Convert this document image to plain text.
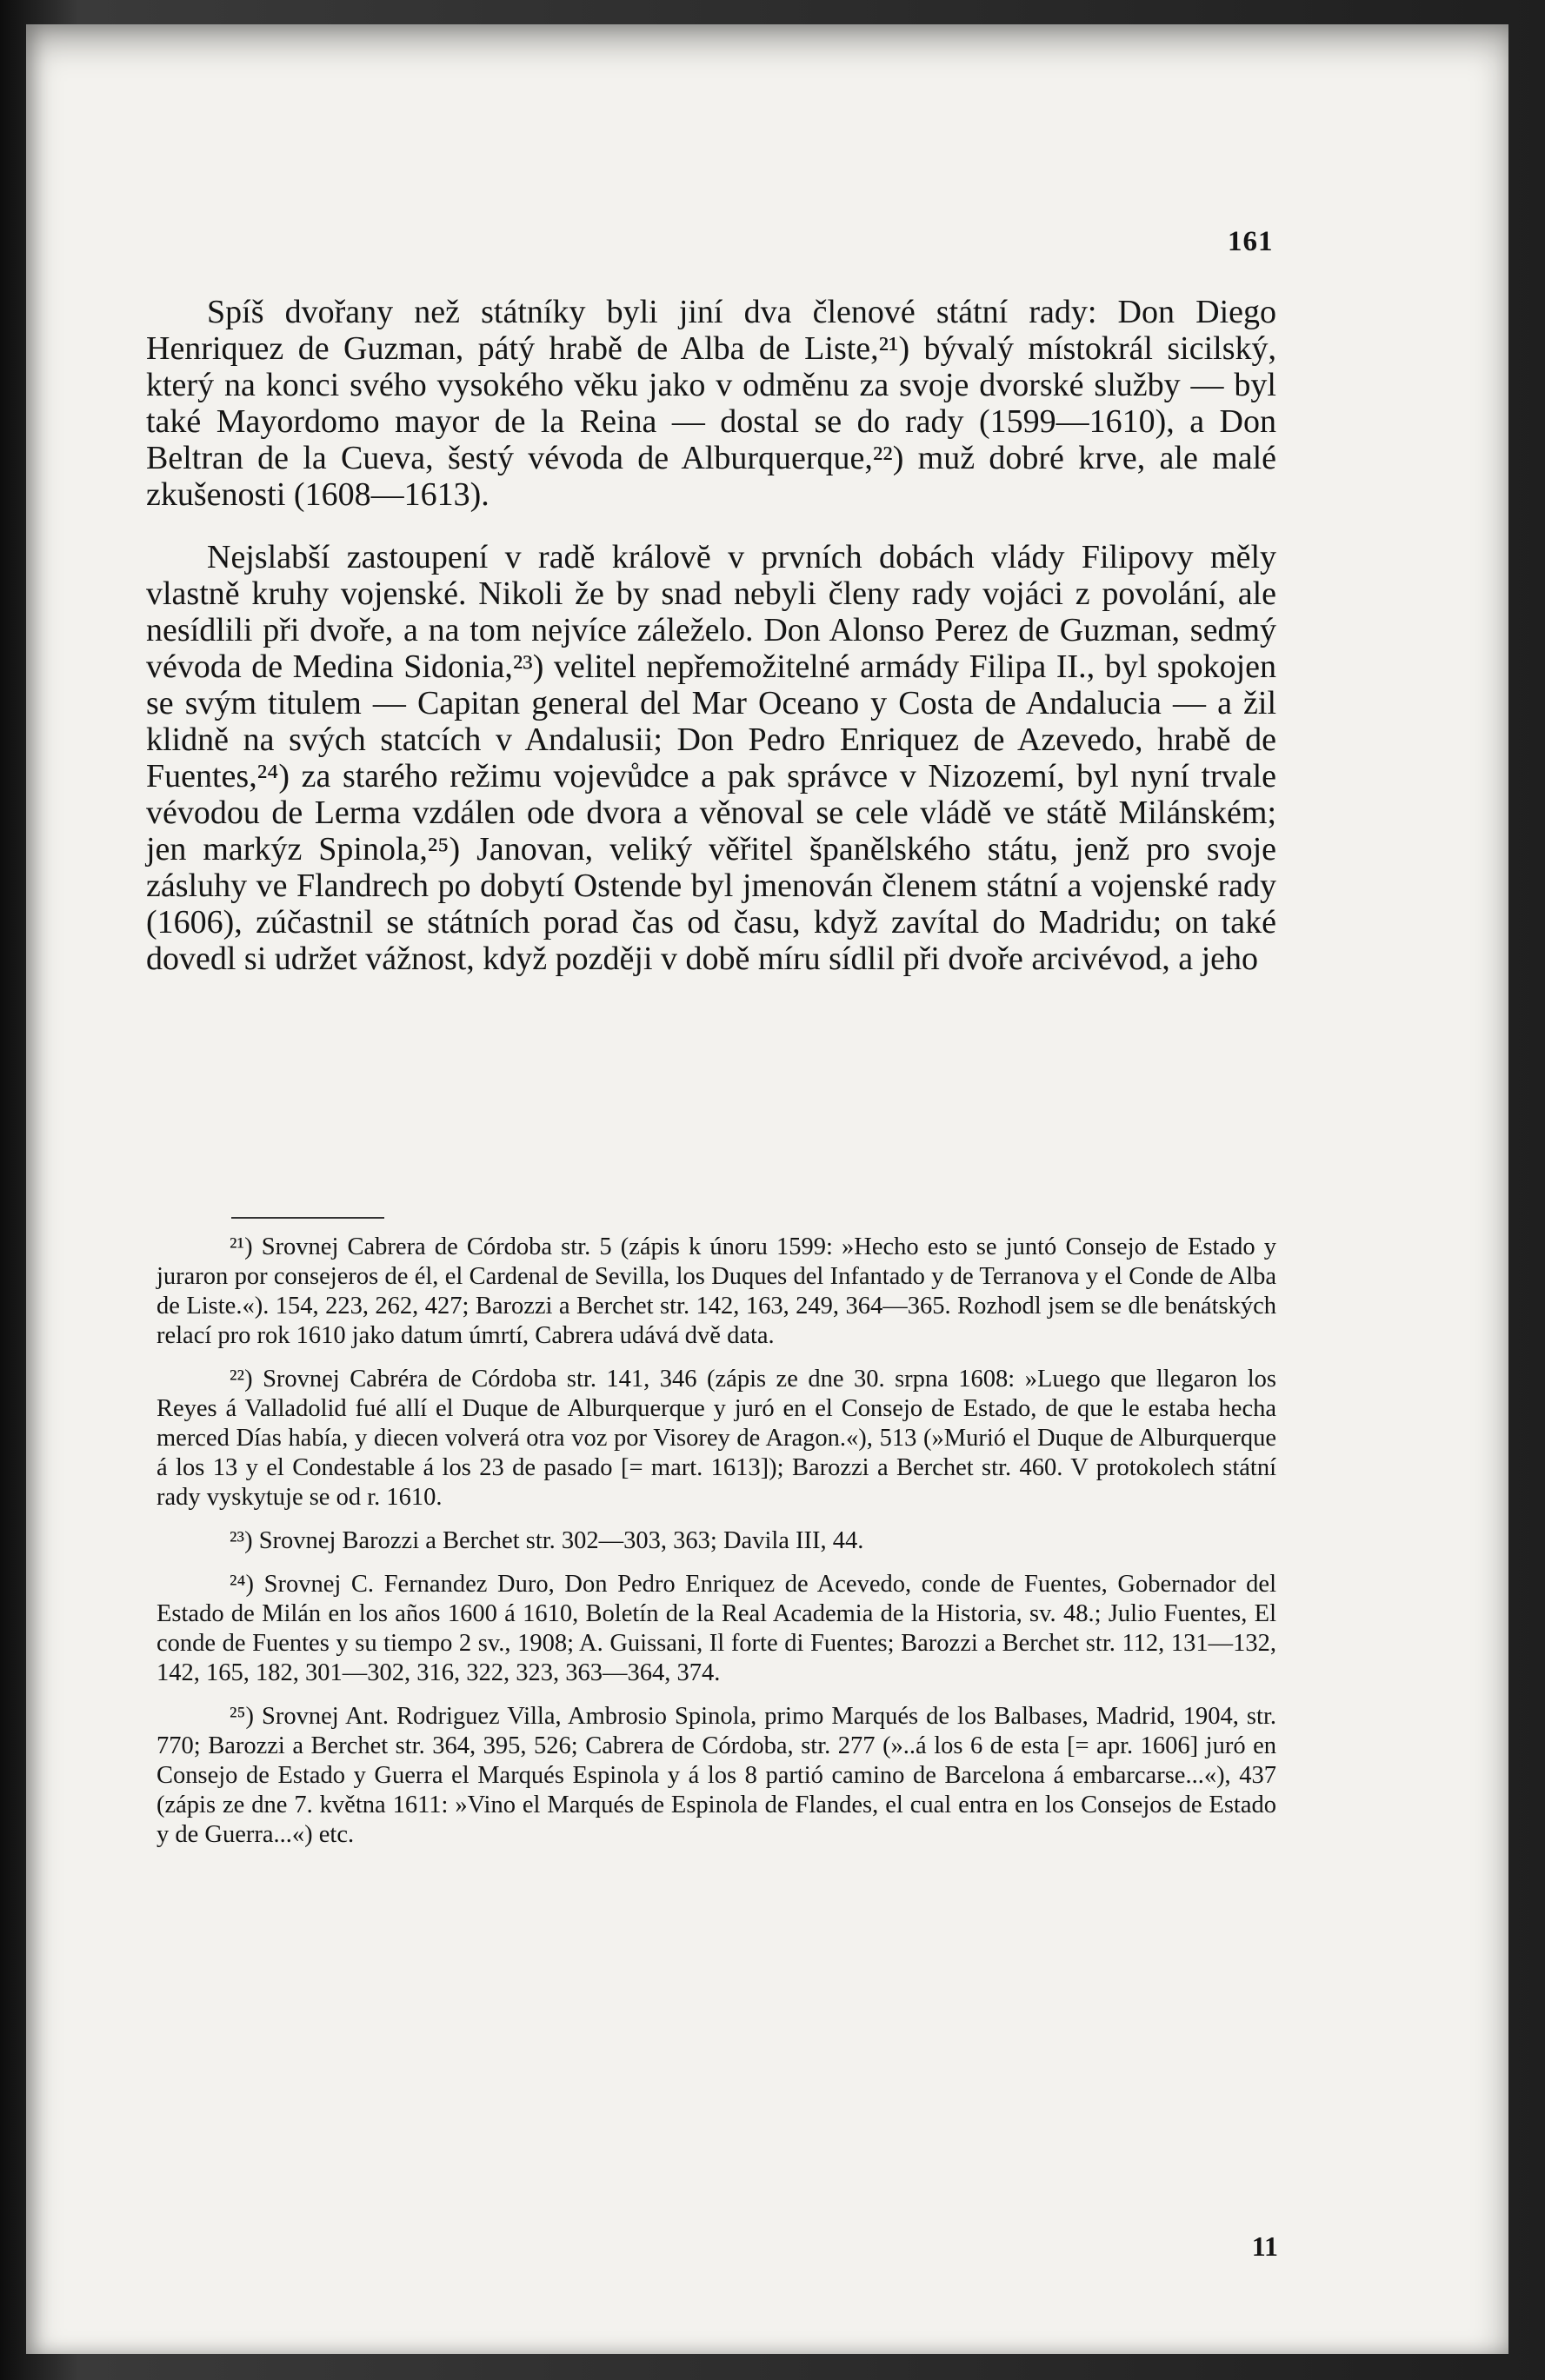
161

Spíš dvořany než státníky byli jiní dva členové státní rady: Don Diego Henriquez de Guzman, pátý hrabě de Alba de Liste,²¹) bývalý místokrál sicilský, který na konci svého vysokého věku jako v odměnu za svoje dvorské služby — byl také Mayordomo mayor de la Reina — dostal se do rady (1599—1610), a Don Beltran de la Cueva, šestý vévoda de Alburquerque,²²) muž dobré krve, ale malé zkušenosti (1608—1613).

Nejslabší zastoupení v radě královĕ v prvních dobách vlády Filipovy měly vlastně kruhy vojenské. Nikoli že by snad nebyli členy rady vojáci z povolání, ale nesídlili při dvoře, a na tom nejvíce záleželo. Don Alonso Perez de Guzman, sedmý vévoda de Medina Sidonia,²³) velitel nepřemožitelné armády Filipa II., byl spokojen se svým titulem — Capitan general del Mar Oceano y Costa de Andalucia — a žil klidně na svých statcích v Andalusii; Don Pedro Enriquez de Azevedo, hrabě de Fuentes,²⁴) za starého režimu vojevůdce a pak správce v Nizozemí, byl nyní trvale vévodou de Lerma vzdálen ode dvora a věnoval se cele vládě ve státě Milánském; jen markýz Spinola,²⁵) Janovan, veliký věřitel španělského státu, jenž pro svoje zásluhy ve Flandrech po dobytí Ostende byl jmenován členem státní a vojenské rady (1606), zúčastnil se státních porad čas od času, když zavítal do Madridu; on také dovedl si udržet vážnost, když později v době míru sídlil při dvoře arcivévod, a jeho

²¹) Srovnej Cabrera de Córdoba str. 5 (zápis k únoru 1599: »Hecho esto se juntó Consejo de Estado y juraron por consejeros de él, el Cardenal de Sevilla, los Duques del Infantado y de Terranova y el Conde de Alba de Liste.«). 154, 223, 262, 427; Barozzi a Berchet str. 142, 163, 249, 364—365. Rozhodl jsem se dle benátských relací pro rok 1610 jako datum úmrtí, Cabrera udává dvě data.

²²) Srovnej Cabréra de Córdoba str. 141, 346 (zápis ze dne 30. srpna 1608: »Luego que llegaron los Reyes á Valladolid fué allí el Duque de Alburquerque y juró en el Consejo de Estado, de que le estaba hecha merced Días había, y diecen volverá otra voz por Visorey de Aragon.«), 513 (»Murió el Duque de Alburquerque á los 13 y el Condestable á los 23 de pasado [= mart. 1613]); Barozzi a Berchet str. 460. V protokolech státní rady vyskytuje se od r. 1610.

²³) Srovnej Barozzi a Berchet str. 302—303, 363; Davila III, 44.

²⁴) Srovnej C. Fernandez Duro, Don Pedro Enriquez de Acevedo, conde de Fuentes, Gobernador del Estado de Milán en los años 1600 á 1610, Boletín de la Real Academia de la Historia, sv. 48.; Julio Fuentes, El conde de Fuentes y su tiempo 2 sv., 1908; A. Guissani, Il forte di Fuentes; Barozzi a Berchet str. 112, 131—132, 142, 165, 182, 301—302, 316, 322, 323, 363—364, 374.

²⁵) Srovnej Ant. Rodriguez Villa, Ambrosio Spinola, primo Marqués de los Balbases, Madrid, 1904, str. 770; Barozzi a Berchet str. 364, 395, 526; Cabrera de Córdoba, str. 277 (»..á los 6 de esta [= apr. 1606] juró en Consejo de Estado y Guerra el Marqués Espinola y á los 8 partió camino de Barcelona á embarcarse...«), 437 (zápis ze dne 7. května 1611: »Vino el Marqués de Espinola de Flandes, el cual entra en los Consejos de Estado y de Guerra...«) etc.

11
